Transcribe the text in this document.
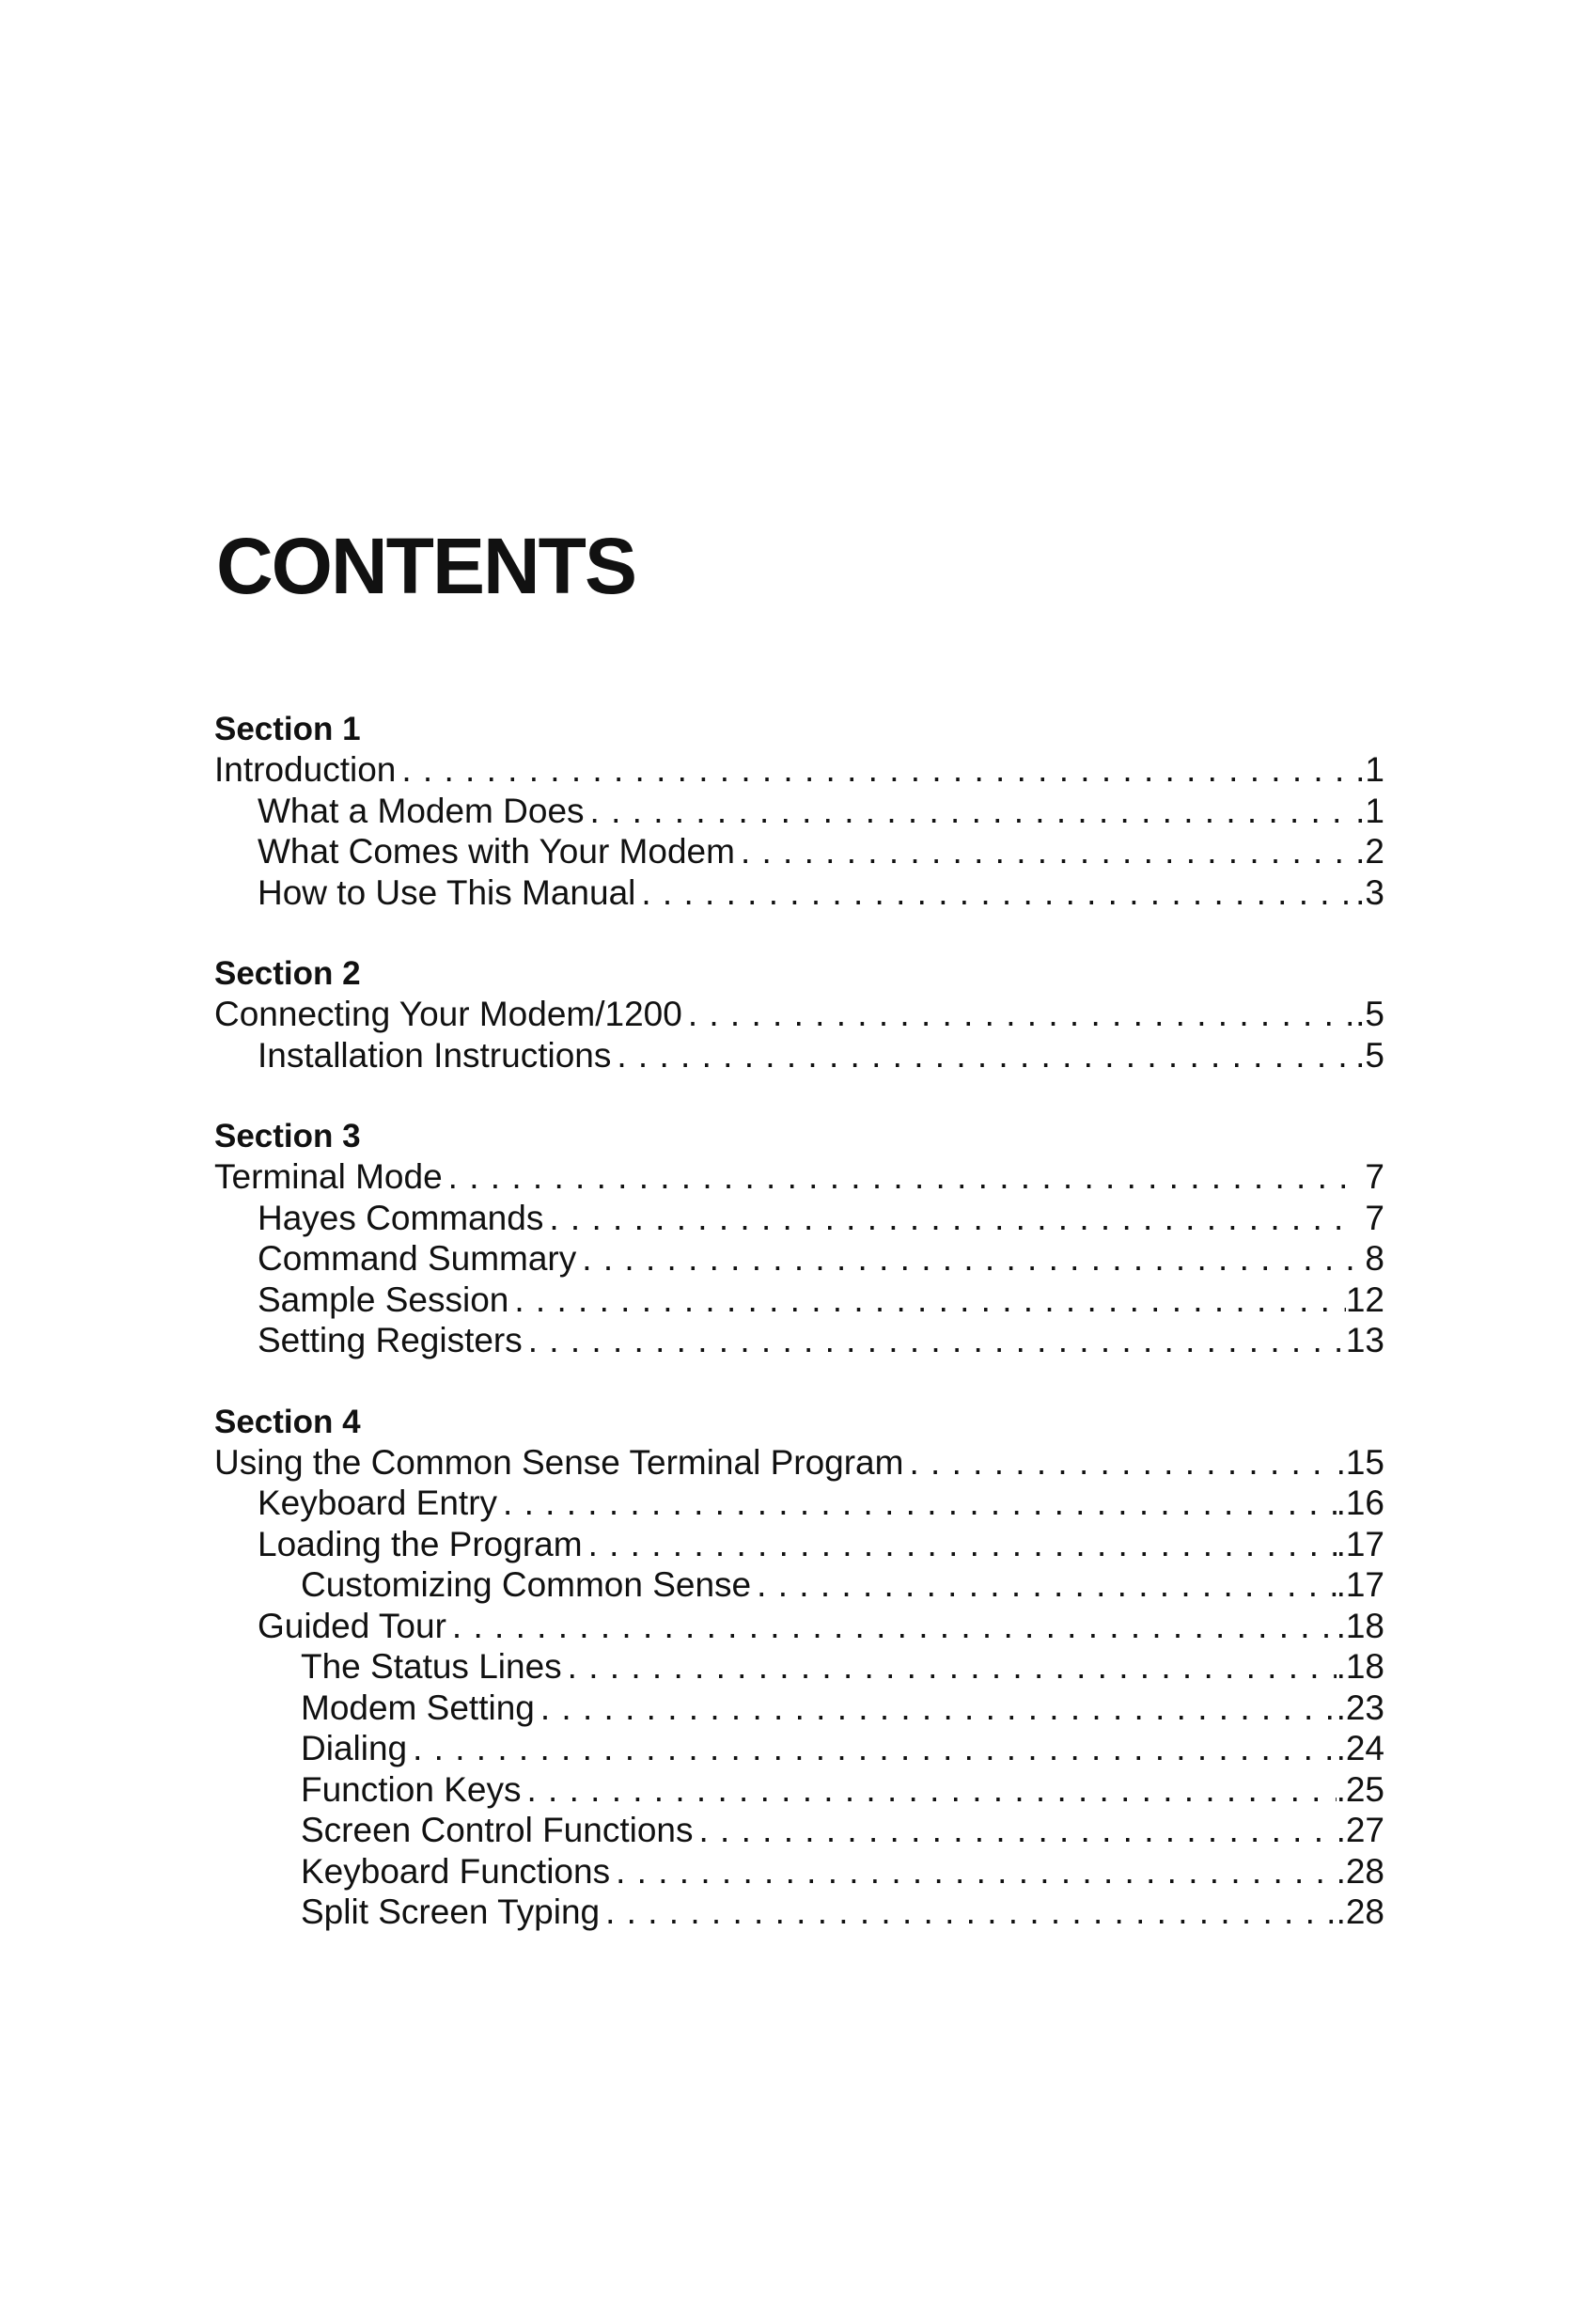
CONTENTS
Section 1
Introduction . . .	.1
What a Modem Does . . .	.1
What Comes with Your Modem . . .	.2
How to Use This Manual . . .	.3
Section 2
Connecting Your Modem/1200 . . .	.5
Installation Instructions . . .	.5
Section 3
Terminal Mode . . .	7
Hayes Commands . . .	7
Command Summary . . .	8
Sample Session . . .	12
Setting Registers . . .	13
Section 4
Using the Common Sense Terminal Program . . .	.15
Keyboard Entry . . .	.16
Loading the Program . . .	.17
Customizing Common Sense . . .	.17
Guided Tour . . .	.18
The Status Lines . . .	.18
Modem Setting . . .	.23
Dialing . . .	.24
Function Keys . . .	.25
Screen Control Functions . . .	.27
Keyboard Functions . . .	.28
Split Screen Typing . . .	.28
